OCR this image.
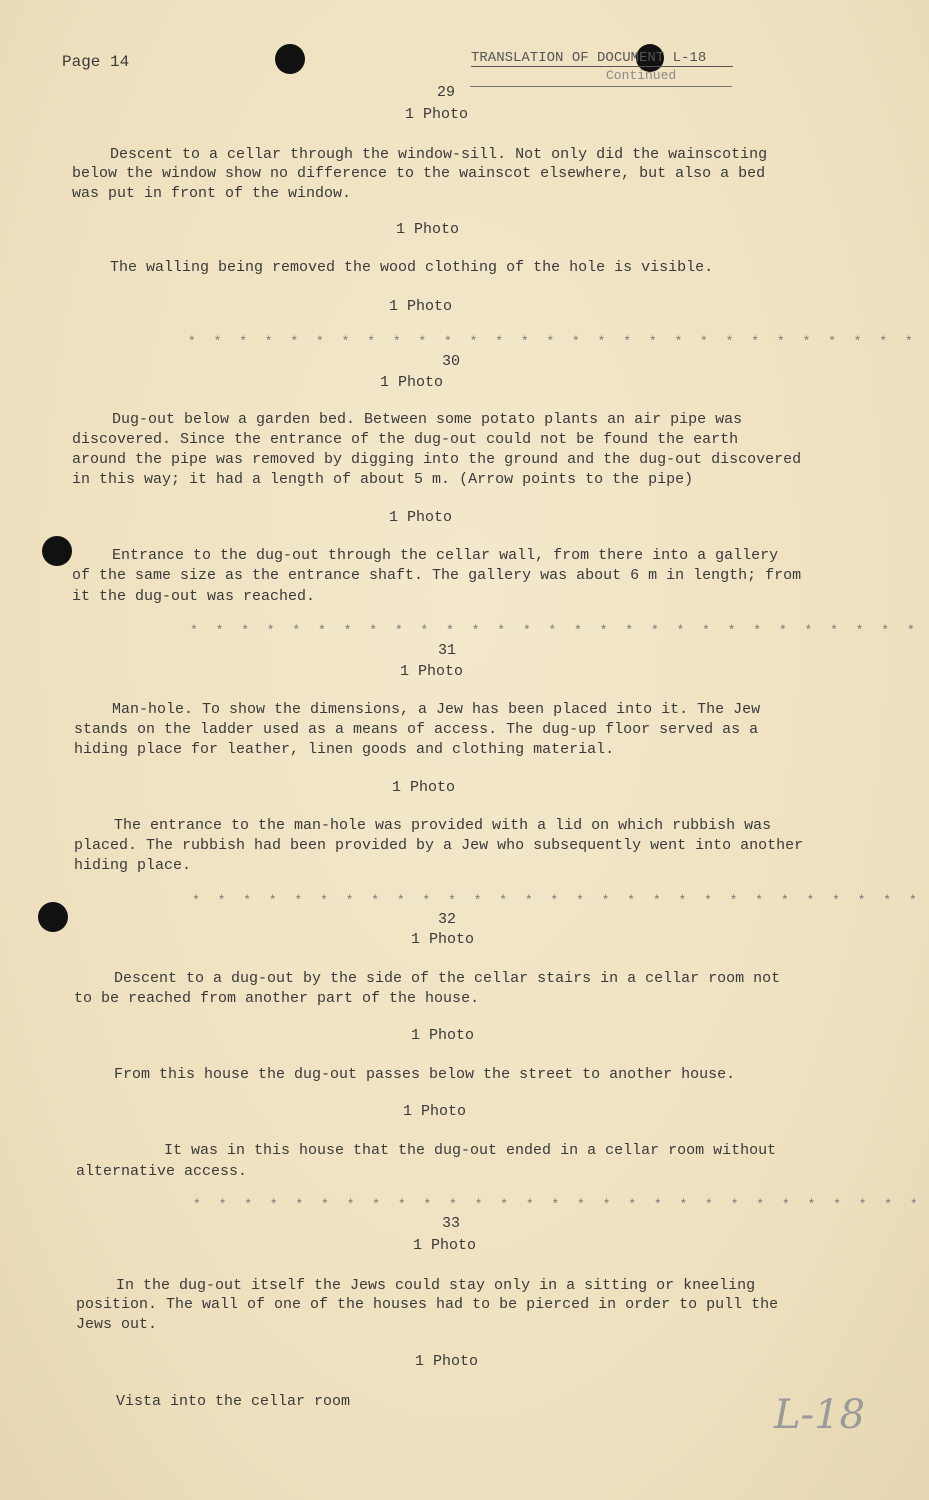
Page 14	TRANSLATION OF DOCUMENT L-18
Continued
29
1 Photo
Descent to a cellar through the window-sill. Not only did the wainscoting
below the window show no difference to the wainscot elsewhere, but also a bed
was put in front of the window.
1 Photo
The walling being removed the wood clothing of the hole is visible.
1 Photo
* * * * * * * * * * * * * * * * * * * * * * * * * * * * *
30
1 Photo
Dug-out below a garden bed. Between some potato plants an air pipe was
discovered. Since the entrance of the dug-out could not be found the earth
around the pipe was removed by digging into the ground and the dug-out discovered
in this way; it had a length of about 5 m. (Arrow points to the pipe)
1 Photo
Entrance to the dug-out through the cellar wall, from there into a gallery
of the same size as the entrance shaft. The gallery was about 6 m in length; from
it the dug-out was reached.
* * * * * * * * * * * * * * * * * * * * * * * * * * * * *
31
1 Photo
Man-hole. To show the dimensions, a Jew has been placed into it. The Jew
stands on the ladder used as a means of access. The dug-up floor served as a
hiding place for leather, linen goods and clothing material.
1 Photo
The entrance to the man-hole was provided with a lid on which rubbish was
placed. The rubbish had been provided by a Jew who subsequently went into another
hiding place.
* * * * * * * * * * * * * * * * * * * * * * * * * * * * *
32
1 Photo
Descent to a dug-out by the side of the cellar stairs in a cellar room not
to be reached from another part of the house.
1 Photo
From this house the dug-out passes below the street to another house.
1 Photo
It was in this house that the dug-out ended in a cellar room without
alternative access.
* * * * * * * * * * * * * * * * * * * * * * * * * * * * *
33
1 Photo
In the dug-out itself the Jews could stay only in a sitting or kneeling
position. The wall of one of the houses had to be pierced in order to pull the
Jews out.
1 Photo
Vista into the cellar room	L-18
